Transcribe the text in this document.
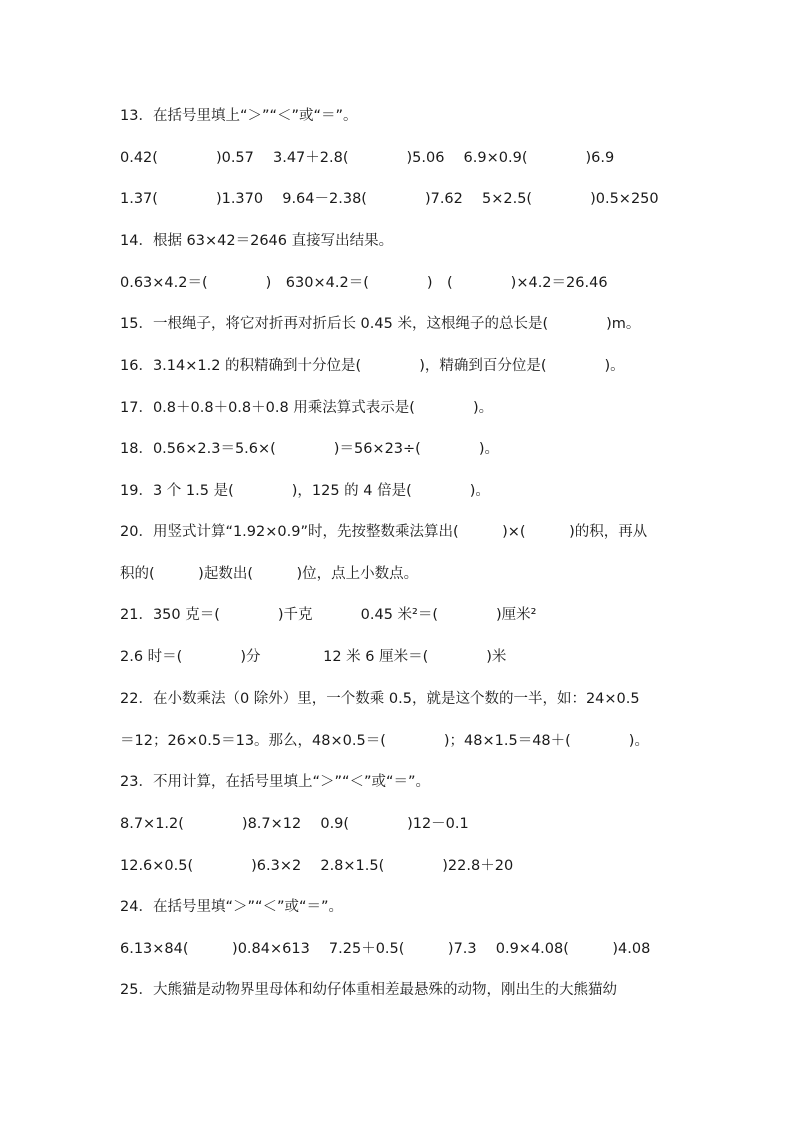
13．在括号里填上“＞”“＜”或“＝”。
0.42(　　　　)0.57　 3.47＋2.8(　　　　)5.06　 6.9×0.9(　　　　)6.9
1.37(　　　　)1.370　 9.64－2.38(　　　　)7.62　 5×2.5(　　　　)0.5×250
14．根据 63×42＝2646 直接写出结果。
0.63×4.2＝(　　　　)　630×4.2＝(　　　　)　(　　　　)×4.2＝26.46
15．一根绳子，将它对折再对折后长 0.45 米，这根绳子的总长是(　　　　)m。
16．3.14×1.2 的积精确到十分位是(　　　　)，精确到百分位是(　　　　)。
17．0.8＋0.8＋0.8＋0.8 用乘法算式表示是(　　　　)。
18．0.56×2.3＝5.6×(　　　　)＝56×23÷(　　　　)。
19．3 个 1.5 是(　　　　)，125 的 4 倍是(　　　　)。
20．用竖式计算“1.92×0.9”时，先按整数乘法算出(　　　)×(　　　)的积，再从
积的(　　　)起数出(　　　)位，点上小数点。
21．350 克＝(　　　　)千克　　　 0.45 米²＝(　　　　)厘米²
2.6 时＝(　　　　)分　　　　 12 米 6 厘米＝(　　　　)米
22．在小数乘法（0 除外）里，一个数乘 0.5，就是这个数的一半，如：24×0.5
＝12；26×0.5＝13。那么，48×0.5＝(　　　　)；48×1.5＝48＋(　　　　)。
23．不用计算，在括号里填上“＞”“＜”或“＝”。
8.7×1.2(　　　　)8.7×12　 0.9(　　　　)12－0.1
12.6×0.5(　　　　)6.3×2　 2.8×1.5(　　　　)22.8＋20
24．在括号里填“＞”“＜”或“＝”。
6.13×84(　　　)0.84×613　 7.25＋0.5(　　　)7.3　 0.9×4.08(　　　)4.08
25．大熊猫是动物界里母体和幼仔体重相差最悬殊的动物，刚出生的大熊猫幼
